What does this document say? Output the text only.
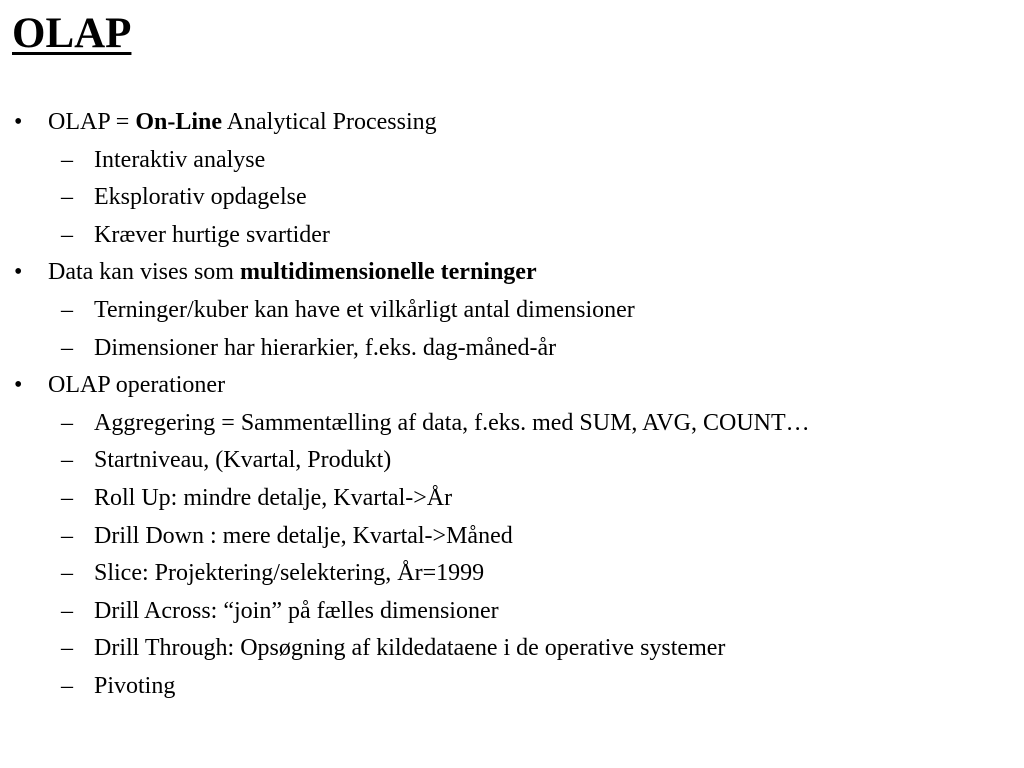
OLAP
• OLAP = On-Line Analytical Processing
– Interaktiv analyse
– Eksplorativ opdagelse
– Kræver hurtige svartider
• Data kan vises som multidimensionelle terninger
– Terninger/kuber kan have et vilkårligt antal dimensioner
– Dimensioner har hierarkier, f.eks. dag-måned-år
• OLAP operationer
– Aggregering = Sammentælling af data, f.eks. med SUM, AVG, COUNT…
– Startniveau, (Kvartal, Produkt)
– Roll Up: mindre detalje, Kvartal->År
– Drill Down : mere detalje, Kvartal->Måned
– Slice: Projektering/selektering, År=1999
– Drill Across: “join” på fælles dimensioner
– Drill Through: Opsøgning af kildedataene i de operative systemer
– Pivoting
